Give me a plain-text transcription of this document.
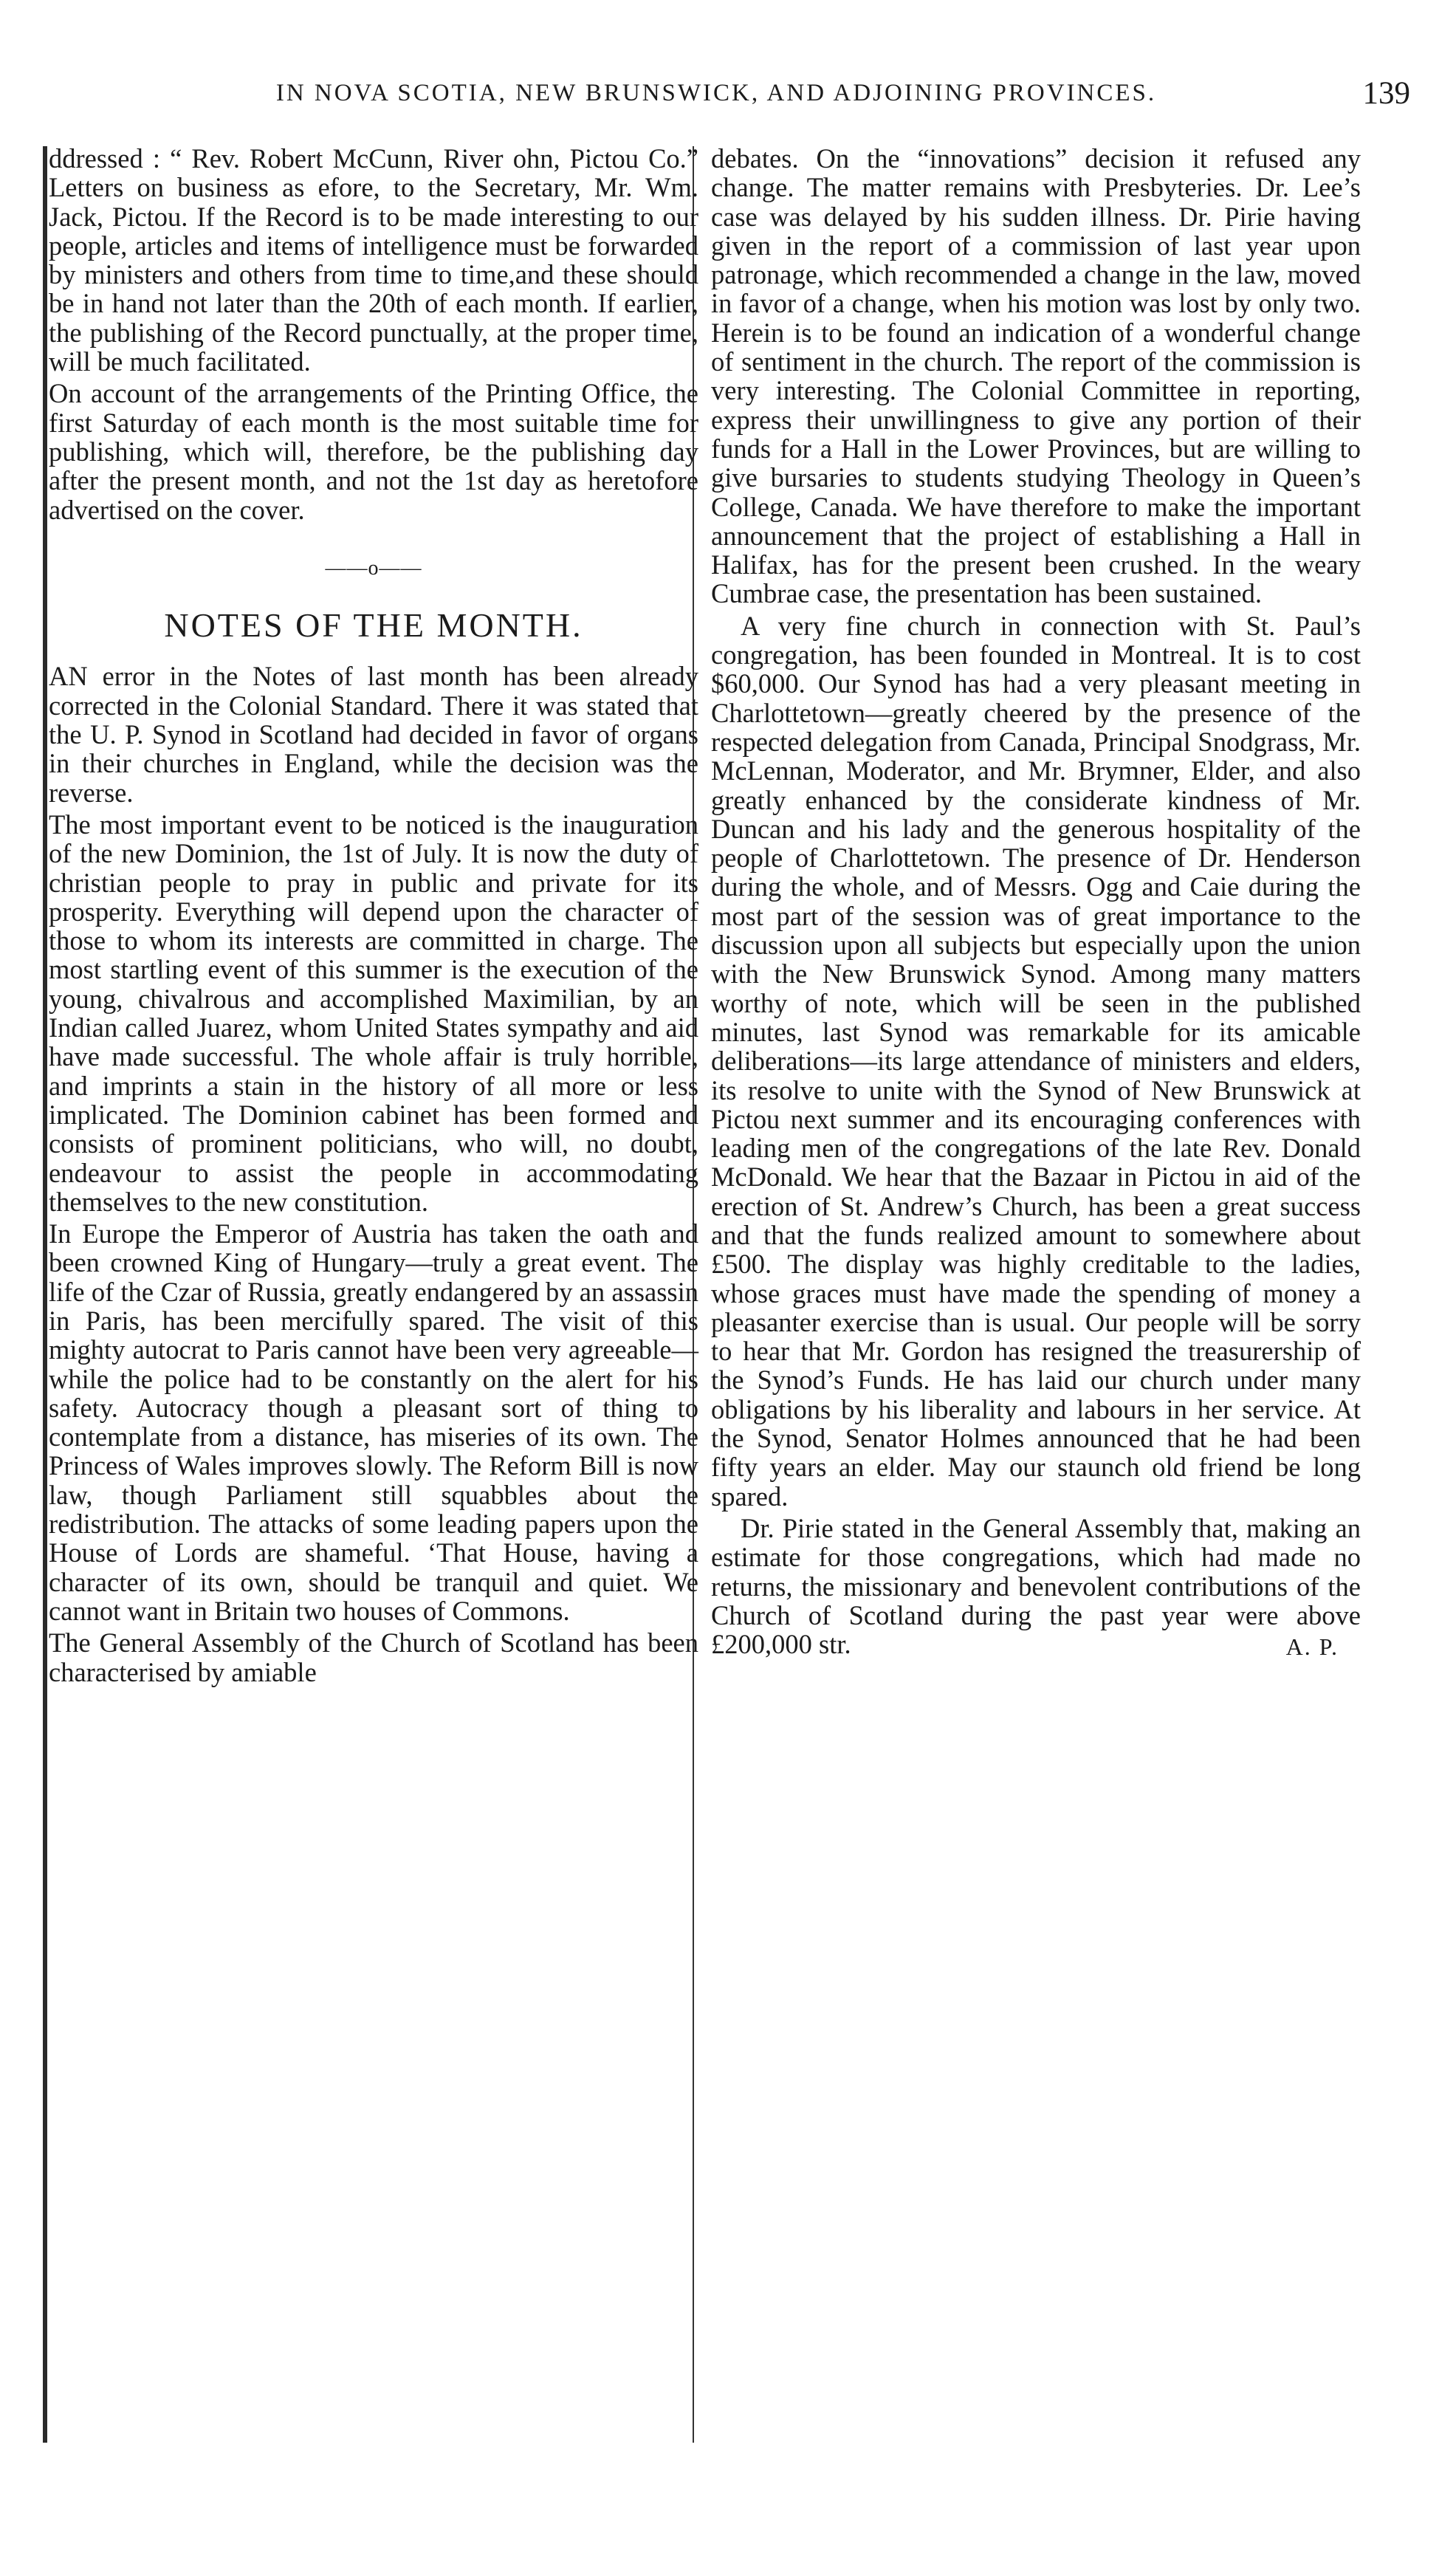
IN NOVA SCOTIA, NEW BRUNSWICK, AND ADJOINING PROVINCES.	139

ddressed : “ Rev. Robert McCunn, River ohn, Pictou Co.” Letters on business as efore, to the Secretary, Mr. Wm. Jack, Pictou. If the Record is to be made interesting to our people, articles and items of intelligence must be forwarded by ministers and others from time to time,and these should be in hand not later than the 20th of each month. If earlier, the publishing of the Record punctually, at the proper time, will be much facilitated.

On account of the arrangements of the Printing Office, the first Saturday of each month is the most suitable time for publishing, which will, therefore, be the publishing day after the present month, and not the 1st day as heretofore advertised on the cover.

——o——
NOTES OF THE MONTH.

AN error in the Notes of last month has been already corrected in the Colonial Standard. There it was stated that the U. P. Synod in Scotland had decided in favor of organs in their churches in England, while the decision was the reverse.

The most important event to be noticed is the inauguration of the new Dominion, the 1st of July. It is now the duty of christian people to pray in public and private for its prosperity. Everything will depend upon the character of those to whom its interests are committed in charge. The most startling event of this summer is the execution of the young, chivalrous and accomplished Maximilian, by an Indian called Juarez, whom United States sympathy and aid have made successful. The whole affair is truly horrible, and imprints a stain in the history of all more or less implicated. The Dominion cabinet has been formed and consists of prominent politicians, who will, no doubt, endeavour to assist the people in accommodating themselves to the new constitution.

In Europe the Emperor of Austria has taken the oath and been crowned King of Hungary—truly a great event. The life of the Czar of Russia, greatly endangered by an assassin in Paris, has been mercifully spared. The visit of this mighty autocrat to Paris cannot have been very agreeable—while the police had to be constantly on the alert for his safety. Autocracy though a pleasant sort of thing to contemplate from a distance, has miseries of its own. The Princess of Wales improves slowly. The Reform Bill is now law, though Parliament still squabbles about the redistribution. The attacks of some leading papers upon the House of Lords are shameful. ‘That House, having a character of its own, should be tranquil and quiet. We cannot want in Britain two houses of Commons.

The General Assembly of the Church of Scotland has been characterised by amiable

debates. On the “innovations” decision it refused any change. The matter remains with Presbyteries. Dr. Lee’s case was delayed by his sudden illness. Dr. Pirie having given in the report of a commission of last year upon patronage, which recommended a change in the law, moved in favor of a change, when his motion was lost by only two. Herein is to be found an indication of a wonderful change of sentiment in the church. The report of the commission is very interesting. The Colonial Committee in reporting, express their unwillingness to give any portion of their funds for a Hall in the Lower Provinces, but are willing to give bursaries to students studying Theology in Queen’s College, Canada. We have therefore to make the important announcement that the project of establishing a Hall in Halifax, has for the present been crushed. In the weary Cumbrae case, the presentation has been sustained.

A very fine church in connection with St. Paul’s congregation, has been founded in Montreal. It is to cost $60,000. Our Synod has had a very pleasant meeting in Charlottetown—greatly cheered by the presence of the respected delegation from Canada, Principal Snodgrass, Mr. McLennan, Moderator, and Mr. Brymner, Elder, and also greatly enhanced by the considerate kindness of Mr. Duncan and his lady and the generous hospitality of the people of Charlottetown. The presence of Dr. Henderson during the whole, and of Messrs. Ogg and Caie during the most part of the session was of great importance to the discussion upon all subjects but especially upon the union with the New Brunswick Synod. Among many matters worthy of note, which will be seen in the published minutes, last Synod was remarkable for its amicable deliberations—its large attendance of ministers and elders, its resolve to unite with the Synod of New Brunswick at Pictou next summer and its encouraging conferences with leading men of the congregations of the late Rev. Donald McDonald. We hear that the Bazaar in Pictou in aid of the erection of St. Andrew’s Church, has been a great success and that the funds realized amount to somewhere about £500. The display was highly creditable to the ladies, whose graces must have made the spending of money a pleasanter exercise than is usual. Our people will be sorry to hear that Mr. Gordon has resigned the treasurership of the Synod’s Funds. He has laid our church under many obligations by his liberality and labours in her service. At the Synod, Senator Holmes announced that he had been fifty years an elder. May our staunch old friend be long spared.

Dr. Pirie stated in the General Assembly that, making an estimate for those congregations, which had made no returns, the missionary and benevolent contributions of the Church of Scotland during the past year were above £200,000 str.	A. P.
